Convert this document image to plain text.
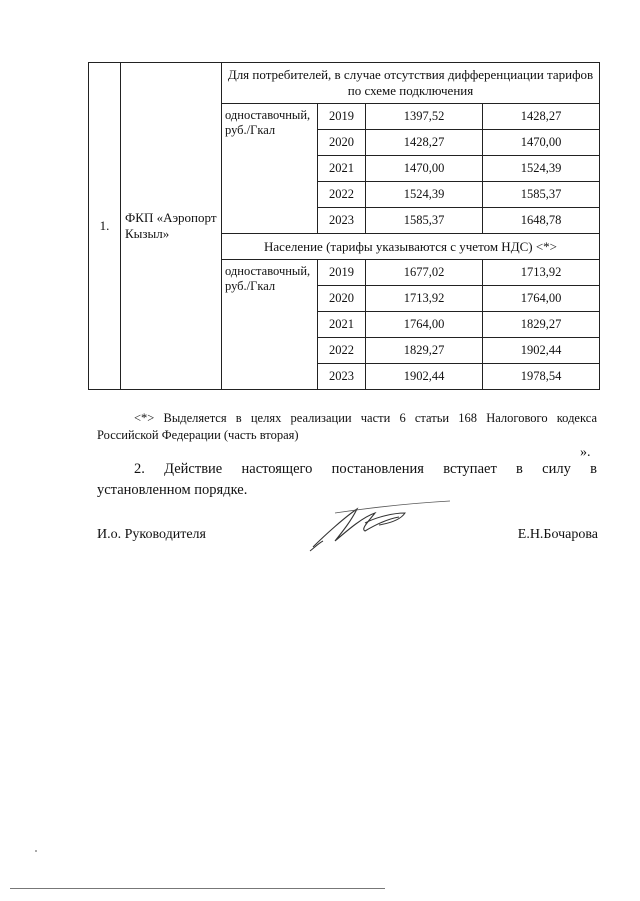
1.	ФКП «Аэропорт Кызыл»	Для потребителей, в случае отсутствия дифференциации тарифов по схеме подключения			
		одноставочный, руб./Гкал	2019	1397,52	1428,27
			2020	1428,27	1470,00
			2021	1470,00	1524,39
			2022	1524,39	1585,37
			2023	1585,37	1648,78
		Население (тарифы указываются с учетом НДС) <*>			
		одноставочный, руб./Гкал	2019	1677,02	1713,92
			2020	1713,92	1764,00
			2021	1764,00	1829,27
			2022	1829,27	1902,44
			2023	1902,44	1978,54
<*> Выделяется в целях реализации части 6 статьи 168 Налогового кодекса Российской Федерации (часть вторая)
».
2. Действие настоящего постановления вступает в силу в
установленном порядке.
И.о. Руководителя	Е.Н.Бочарова
